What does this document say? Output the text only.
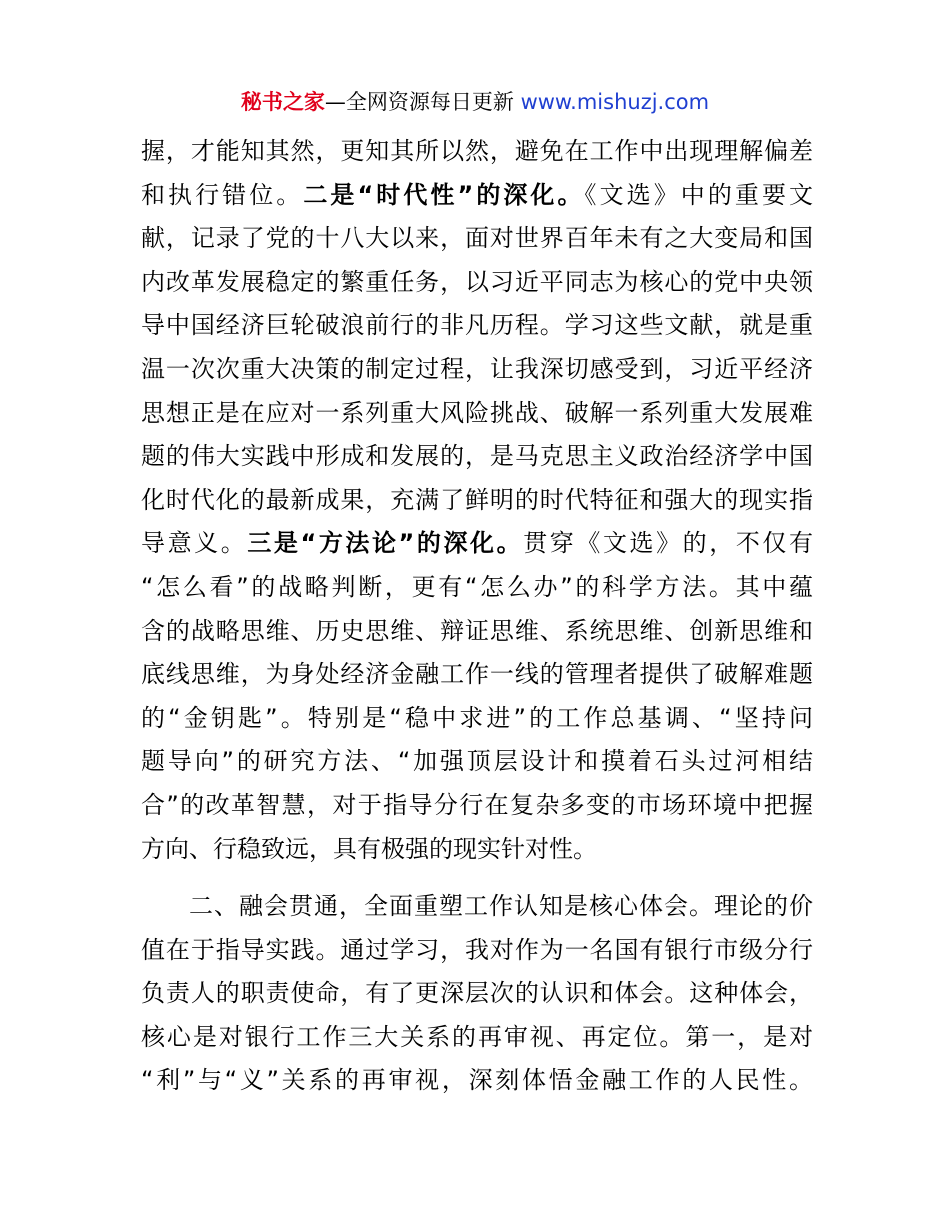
秘书之家—全网资源每日更新 www.mishuzj.com
握，才能知其然，更知其所以然，避免在工作中出现理解偏差
和执行错位。二是“时代性”的深化。《文选》中的重要文
献，记录了党的十八大以来，面对世界百年未有之大变局和国
内改革发展稳定的繁重任务，以习近平同志为核心的党中央领
导中国经济巨轮破浪前行的非凡历程。学习这些文献，就是重
温一次次重大决策的制定过程，让我深切感受到，习近平经济
思想正是在应对一系列重大风险挑战、破解一系列重大发展难
题的伟大实践中形成和发展的，是马克思主义政治经济学中国
化时代化的最新成果，充满了鲜明的时代特征和强大的现实指
导意义。三是“方法论”的深化。贯穿《文选》的，不仅有
“怎么看”的战略判断，更有“怎么办”的科学方法。其中蕴
含的战略思维、历史思维、辩证思维、系统思维、创新思维和
底线思维，为身处经济金融工作一线的管理者提供了破解难题
的“金钥匙”。特别是“稳中求进”的工作总基调、“坚持问
题导向”的研究方法、“加强顶层设计和摸着石头过河相结
合”的改革智慧，对于指导分行在复杂多变的市场环境中把握
方向、行稳致远，具有极强的现实针对性。
二、融会贯通，全面重塑工作认知是核心体会。理论的价
值在于指导实践。通过学习，我对作为一名国有银行市级分行
负责人的职责使命，有了更深层次的认识和体会。这种体会，
核心是对银行工作三大关系的再审视、再定位。第一，是对
“利”与“义”关系的再审视，深刻体悟金融工作的人民性。
